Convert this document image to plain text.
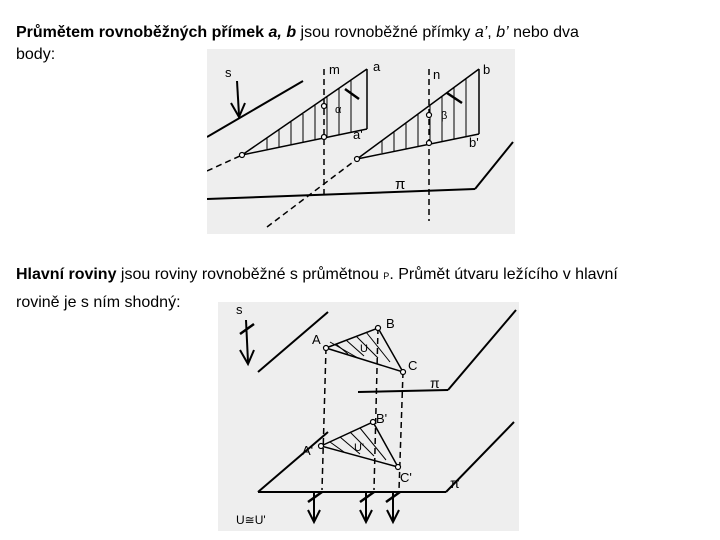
Průmětem rovnoběžných přímek a, b jsou rovnoběžné přímky a’, b’ nebo dva
body:
Hlavní roviny jsou roviny rovnoběžné s průmětnou P. Průmět útvaru ležícího v hlavní
rovině je s ním shodný:
s	m	a
n	b
α	β
a'
b'
π
s
A
B
C
U
π
A'
B'
C'
U'
π
U≅U'
